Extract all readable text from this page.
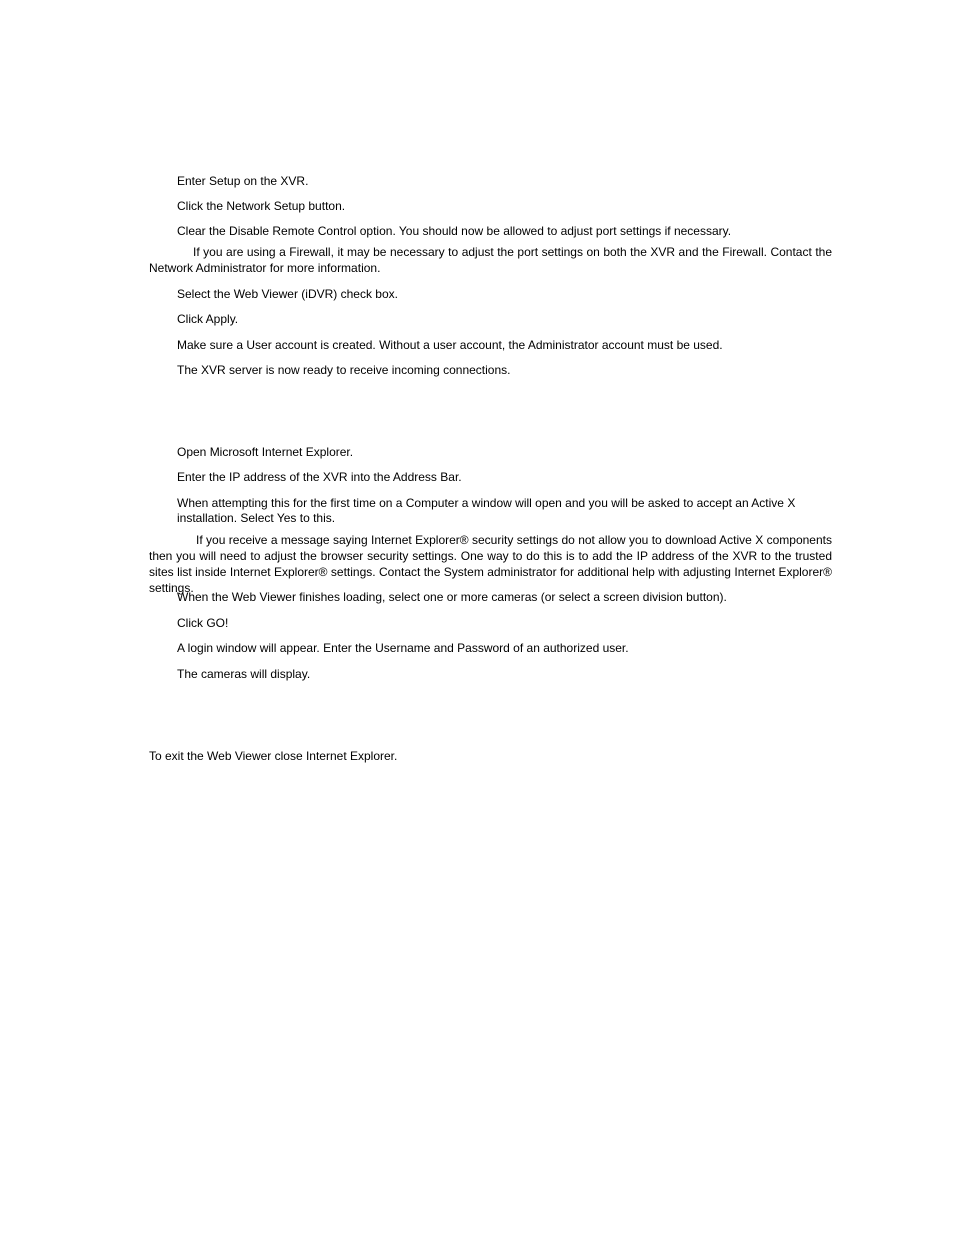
Enter Setup on the XVR.
Click the Network Setup button.
Clear the Disable Remote Control option. You should now be allowed to adjust port settings if necessary.
If you are using a Firewall, it may be necessary to adjust the port settings on both the XVR and the Firewall. Contact the Network Administrator for more information.
Select the Web Viewer (iDVR) check box.
Click Apply.
Make sure a User account is created. Without a user account, the Administrator account must be used.
The XVR server is now ready to receive incoming connections.
Open Microsoft Internet Explorer.
Enter the IP address of the XVR into the Address Bar.
When attempting this for the first time on a Computer a window will open and you will be asked to accept an Active X installation. Select Yes to this.
If you receive a message saying Internet Explorer® security settings do not allow you to download Active X components then you will need to adjust the browser security settings. One way to do this is to add the IP address of the XVR to the trusted sites list inside Internet Explorer® settings. Contact the System administrator for additional help with adjusting Internet Explorer® settings.
When the Web Viewer finishes loading, select one or more cameras (or select a screen division button).
Click GO!
A login window will appear. Enter the Username and Password of an authorized user.
The cameras will display.
To exit the Web Viewer close Internet Explorer.
